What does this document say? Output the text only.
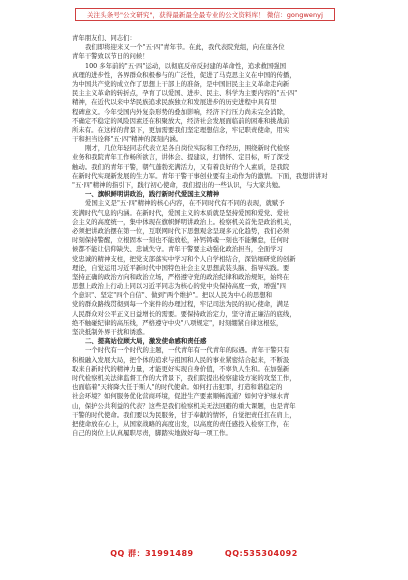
关注头条号"公文研究"，获得最新最全最专业的公文资料库！ 微信：gongwenyj
青年朋友们、同志们：
我们即将迎来又一个"五·四"青年节。在此，我代表院党组，向在座各位
青年干警致以节日的问候！
100 多年前的"五·四"运动，以彻底反帝反封建的革命性，追求救国强国
真理的进步性，各界群众积极参与的广泛性，促进了马克思主义在中国的传播，
为中国共产党的成立作了思想上干部上的准备，是中国旧民主主义革命走向新
民主主义革命的转折点，孕育了以爱国、进步、民主、科学为主要内容的"五·四"
精神，在近代以来中华民族追求民族独立和发展进步的历史进程中具有里
程碑意义。今年受国内外复杂形势的叠加影响，经济下行压力尚未完全消除，
不确定不稳定的风险因素还在积聚放大，经济社会发展面临前的困难和挑战前
所未有。在这样的背景下，更加需要我们坚定理想信念，牢记职责使命，用实
干和担当诠释"五·四"精神的深刻内涵。
刚才，几位年轻同志代表立足各自岗位实际和工作经历，围绕新时代检察
业务和我院青年工作畅所欲言，讲体会、提建议，打情怀、定目标，听了深受
触动。我们的青年干警，朝气蓬勃充满活力，又有着良好的个人素质，是我院
在新时代实现新发展的生力军。青年干警干事创业要有主动作为的激情。下面，我想讲讲对
"五·四"精神的指引下，践行初心使命，我们提出的一些认识，与大家共勉。
一、旗帜鲜明讲政治，践行新时代爱国主义精神
爱国主义是"五·四"精神的核心内容，在不同时代有不同的表现，就赋予
充满时代气息的内涵。在新时代，爱国主义的本质就是坚持爱国和爱党、爱社
会主义的高度统一，集中体现在旗帜鲜明讲政治上。检察机关首先是政治机关，
必须把讲政治摆在第一位，互联网时代下思想观念呈现多元化趋势，我们必须
时刻保持警醒，立根固本一刻也不能放松，补钙铸魂一刻也不能懈怠，任何时
候都不能让信仰缺失、忠诚失守。青年干警要主动强化政治担当，全面学习
党忠诚的精神支柱，把党支部落实中学习和个人自学相结合，深钻细研党的创新
理论，自觉运用习近平新时代中国特色社会主义思想武装头脑、指导实践。要
坚持正确的政治方向和政治立场，严格遵守党的政治纪律和政治规矩，始终在
思想上政治上行动上同以习近平同志为核心的党中央保持高度一致，增强"四
个意识"、坚定"四个自信"、做到"两个维护"。把以人民为中心的思想和
党的群众路线贯彻到每一个案件的办理过程，牢记司法为民的初心使命，满足
人民群众对公平正义日益增长的需要。要保持政治定力，坚守清正廉洁的底线，
绝不触碰纪律的高压线，严格遵守中央"八项规定"，时刻绷紧自律这根弦，
坚决抵制外界干扰和诱惑。
二、提高站位顾大局，激发使命感和责任感
一个时代有一个时代的主题，一代青年有一代青年的际遇。青年干警只有
积极融入发展大局，把个体的追求与祖国和人民的事业紧密结合起来，不断汲
取来自新时代的精神力量，才能更好实现自身价值，不辜负人生和。在加强新
时代检察机关法律监督工作的大背景下，我们院提出检察建设方案的攻坚工作，
也面临着"天将降大任于斯人"的时代使命。如何打击犯罪，打造和谐稳定的
社会环境？如何服务优化营商环境，促进生产要素顺畅流通？如何守护绿水青
山，保护公共利益的代表？这些是我们检察机关无法回避的重大课题，也是青年
干警的时代使命。我们要以为民服务，甘于奉献的情怀，自觉把责任扛在肩上，
把使命放在心上，从国家战略的高度出发，以高度的责任感投入检察工作，在
自己的岗位上认真履职尽责，脚踏实地做好每一项工作。
QQ 群：31991489	QQ:535304092
